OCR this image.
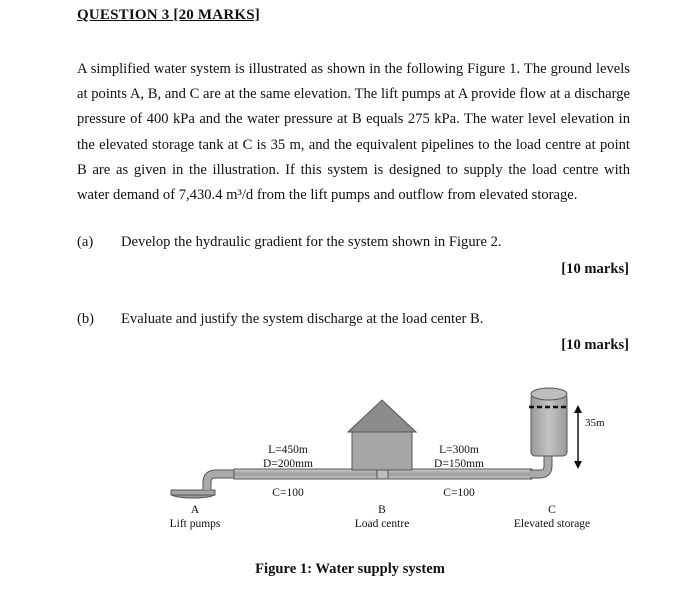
QUESTION 3 [20 MARKS]

A simplified water system is illustrated as shown in the following Figure 1. The ground levels at points A, B, and C are at the same elevation. The lift pumps at A provide flow at a discharge pressure of 400 kPa and the water pressure at B equals 275 kPa. The water level elevation in the elevated storage tank at C is 35 m, and the equivalent pipelines to the load centre at point B are as given in the illustration. If this system is designed to supply the load centre with water demand of 7,430.4 m³/d from the lift pumps and outflow from elevated storage.

(a) Develop the hydraulic gradient for the system shown in Figure 2.
[10 marks]
(b) Evaluate and justify the system discharge at the load center B.
[10 marks]
35m
L=450m
D=200mm
C=100
L=300m
D=150mm
C=100
A
Lift pumps
B
Load centre
C
Elevated storage
Figure 1: Water supply system
